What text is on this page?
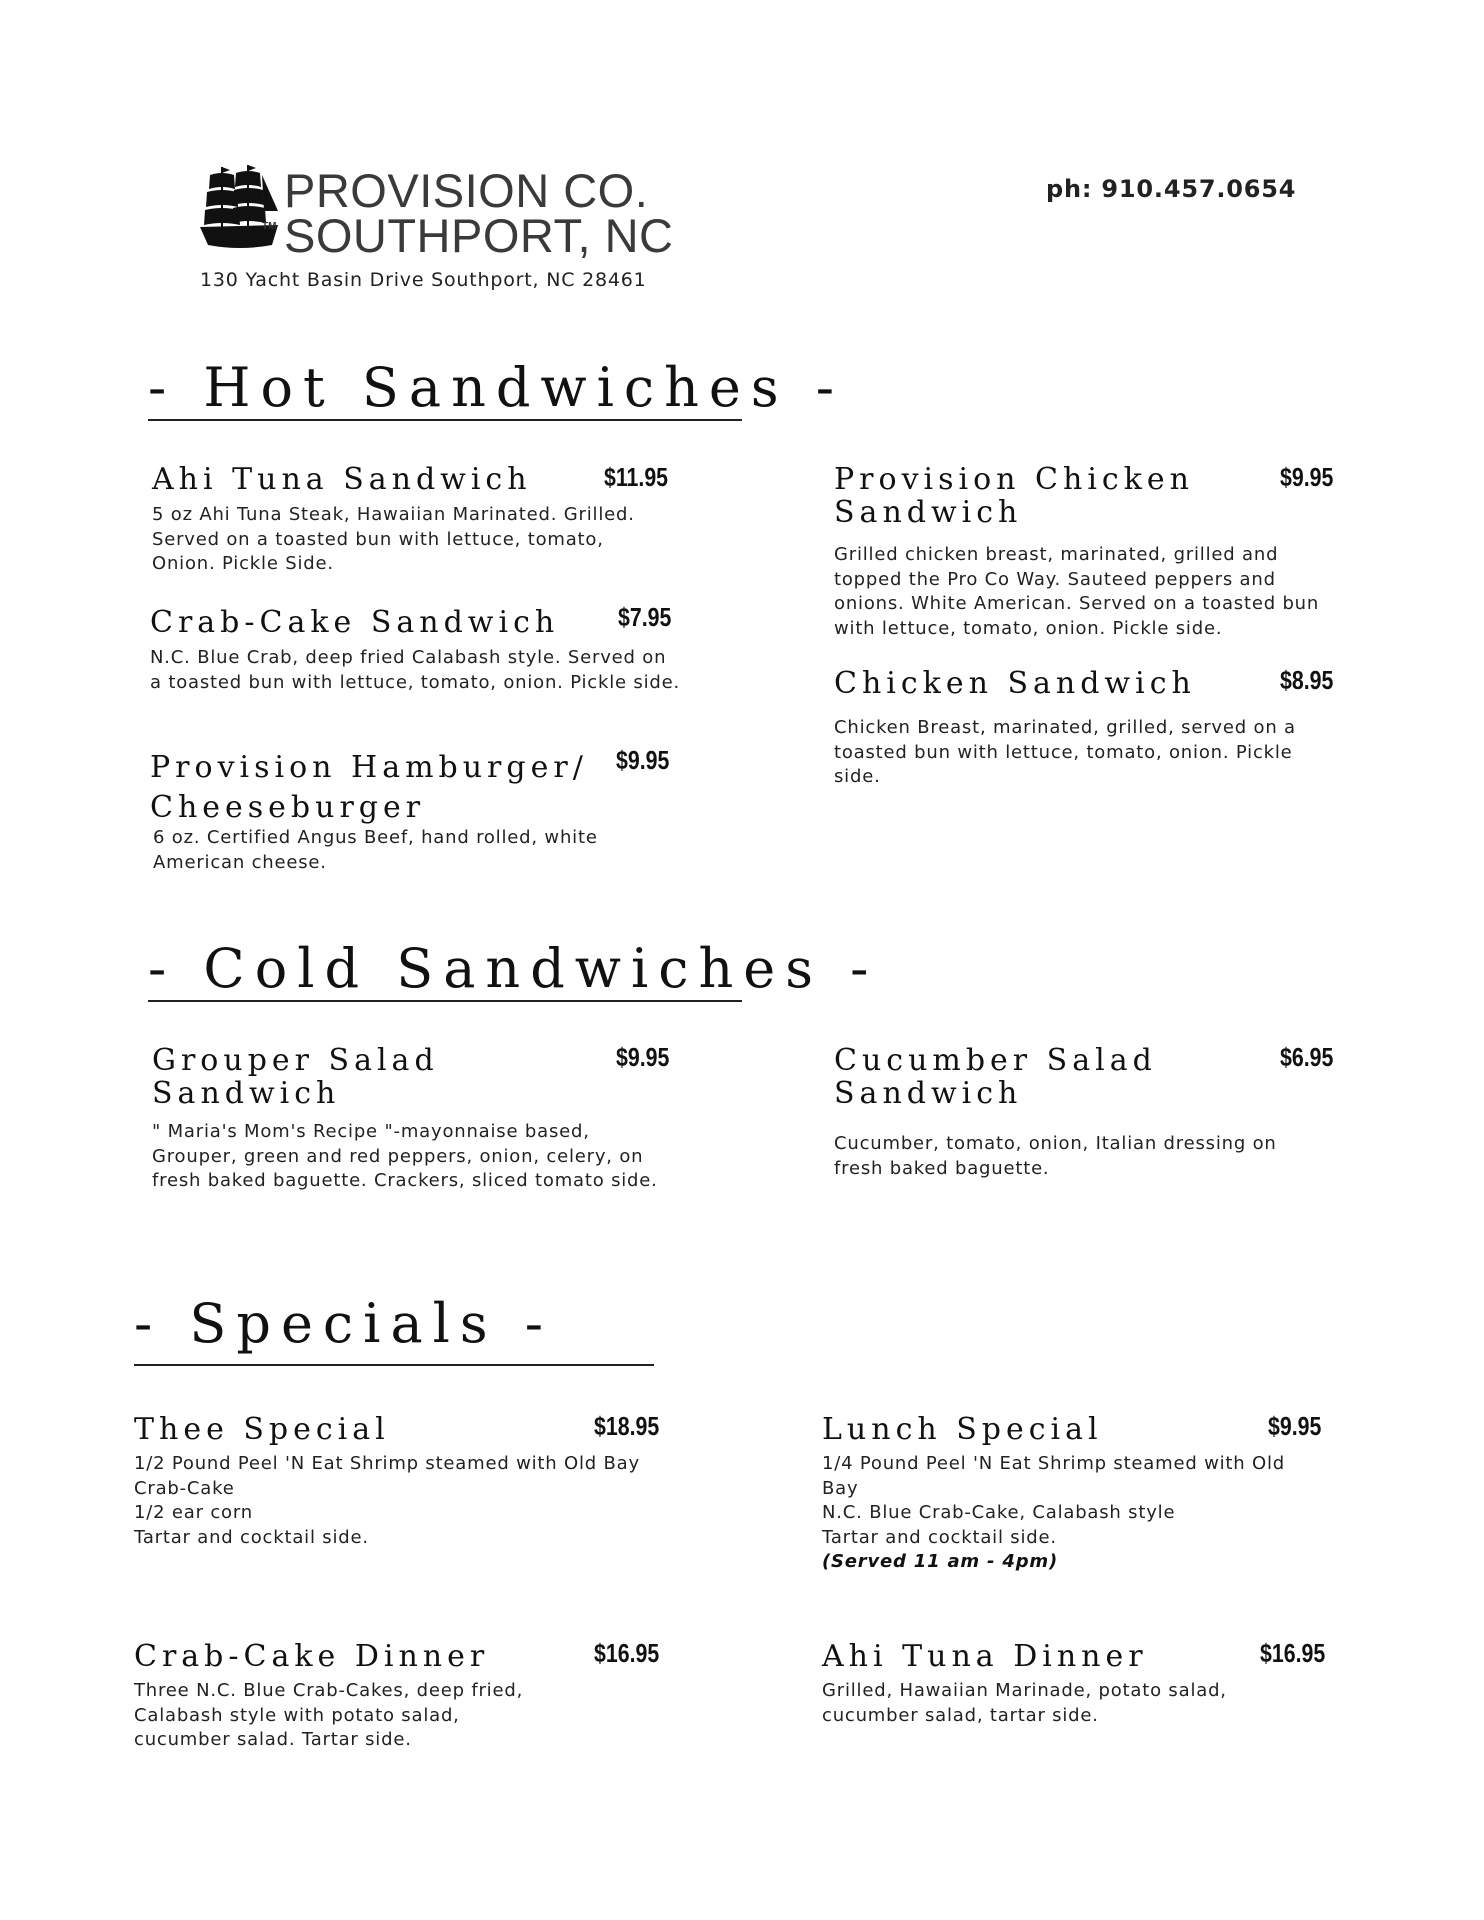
PROVISION CO.
TM SOUTHPORT, NC
130 Yacht Basin Drive Southport, NC 28461
ph: 910.457.0654
- Hot Sandwiches -
Ahi Tuna Sandwich
5 oz Ahi Tuna Steak, Hawaiian Marinated. Grilled. Served on a toasted bun with lettuce, tomato, Onion. Pickle Side.
$11.95
Crab-Cake Sandwich
N.C. Blue Crab, deep fried Calabash style. Served on a toasted bun with lettuce, tomato, onion. Pickle side.
$7.95
Provision Hamburger/ Cheeseburger
6 oz. Certified Angus Beef, hand rolled, white American cheese.
$9.95
Provision Chicken Sandwich
Grilled chicken breast, marinated, grilled and topped the Pro Co Way. Sauteed peppers and onions. White American. Served on a toasted bun with lettuce, tomato, onion. Pickle side.
$9.95
Chicken Sandwich
Chicken Breast, marinated, grilled, served on a toasted bun with lettuce, tomato, onion. Pickle side.
$8.95
- Cold Sandwiches -
Grouper Salad Sandwich
" Maria's Mom's Recipe "-mayonnaise based, Grouper, green and red peppers, onion, celery, on fresh baked baguette. Crackers, sliced tomato side.
$9.95	Cucumber Salad Sandwich
Cucumber, tomato, onion, Italian dressing on fresh baked baguette.
$6.95
- Specials -
Thee Special
1/2 Pound Peel 'N Eat Shrimp steamed with Old Bay
Crab-Cake
1/2 ear corn
Tartar and cocktail side.
$18.95	Lunch Special
1/4 Pound Peel 'N Eat Shrimp steamed with Old Bay
N.C. Blue Crab-Cake, Calabash style
Tartar and cocktail side.
(Served 11 am - 4pm)
$9.95
Crab-Cake Dinner
Three N.C. Blue Crab-Cakes, deep fried, Calabash style with potato salad, cucumber salad. Tartar side.
$16.95	Ahi Tuna Dinner
Grilled, Hawaiian Marinade, potato salad, cucumber salad, tartar side.
$16.95
